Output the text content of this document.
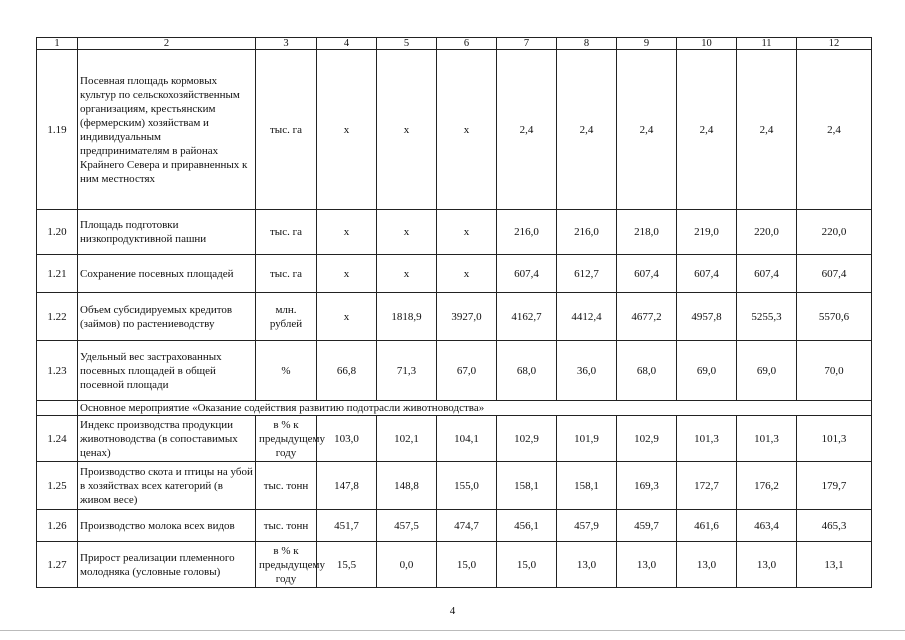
1	2	3	4	5	6	7	8	9	10	11	12
1.19	Посевная площадь кормовых культур по сельскохозяйственным организациям, крестьянским (фермерским) хозяйствам и индивидуальным предпринимателям в районах Крайнего Севера и приравненных к ним местностях	тыс. га	x	x	x	2,4	2,4	2,4	2,4	2,4	2,4
1.20	Площадь подготовки низкопродуктивной пашни	тыс. га	x	x	x	216,0	216,0	218,0	219,0	220,0	220,0
1.21	Сохранение посевных площадей	тыс. га	x	x	x	607,4	612,7	607,4	607,4	607,4	607,4
1.22	Объем субсидируемых кредитов (займов) по растениеводству	млн. рублей	x	1818,9	3927,0	4162,7	4412,4	4677,2	4957,8	5255,3	5570,6
1.23	Удельный вес застрахованных посевных площадей в общей посевной площади	%	66,8	71,3	67,0	68,0	36,0	68,0	69,0	69,0	70,0
	Основное мероприятие «Оказание содействия развитию подотрасли животноводства»										
1.24	Индекс производства продукции животноводства (в сопоставимых ценах)	в % к предыдущему году	103,0	102,1	104,1	102,9	101,9	102,9	101,3	101,3	101,3
1.25	Производство скота и птицы на убой в хозяйствах всех категорий (в живом весе)	тыс. тонн	147,8	148,8	155,0	158,1	158,1	169,3	172,7	176,2	179,7
1.26	Производство молока всех видов	тыс. тонн	451,7	457,5	474,7	456,1	457,9	459,7	461,6	463,4	465,3
1.27	Прирост реализации племенного молодняка (условные головы)	в % к предыдущему году	15,5	0,0	15,0	15,0	13,0	13,0	13,0	13,0	13,1
4
